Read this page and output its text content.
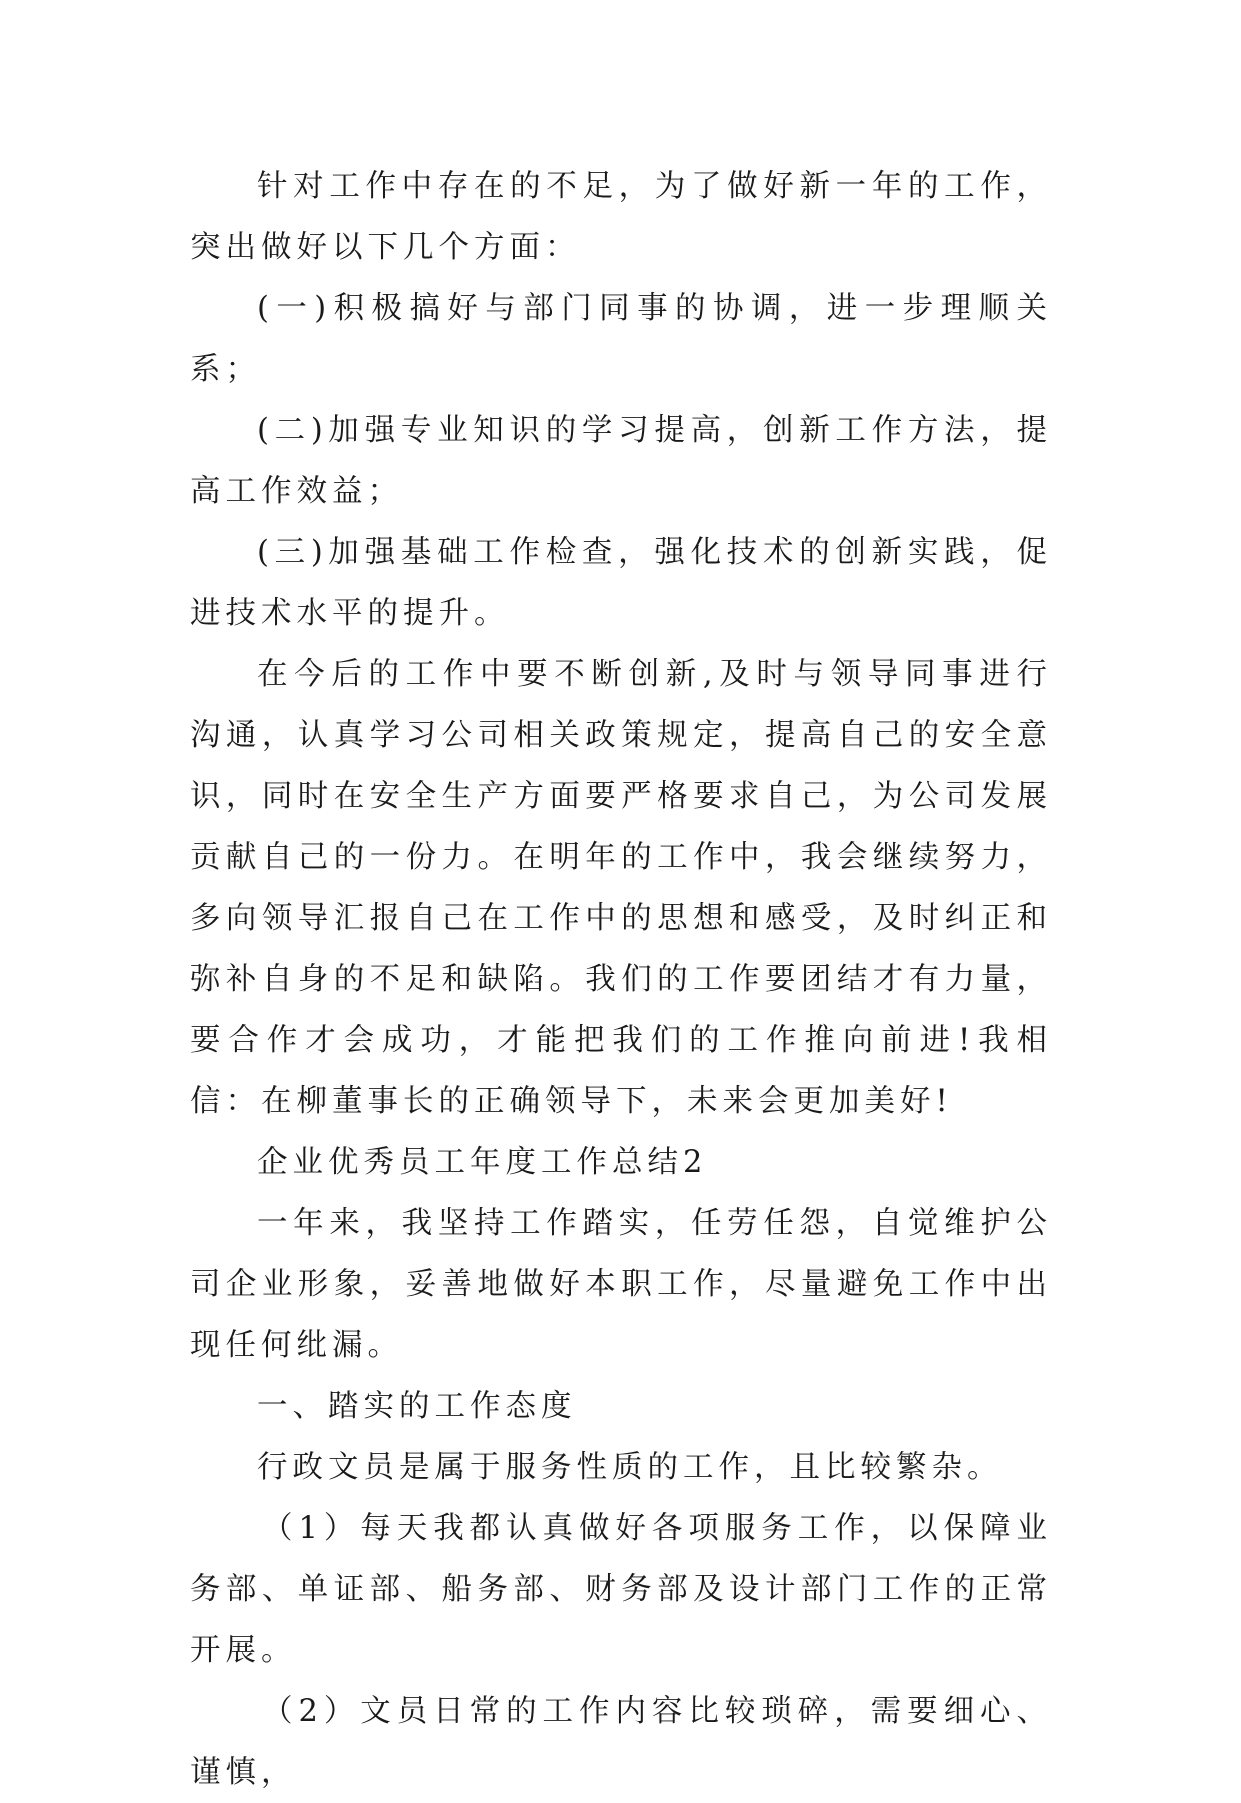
针对工作中存在的不足，为了做好新一年的工作，突出做好以下几个方面：

(一)积极搞好与部门同事的协调，进一步理顺关系；

(二)加强专业知识的学习提高，创新工作方法，提高工作效益；

(三)加强基础工作检查，强化技术的创新实践，促进技术水平的提升。

在今后的工作中要不断创新,及时与领导同事进行沟通，认真学习公司相关政策规定，提高自己的安全意识，同时在安全生产方面要严格要求自己，为公司发展贡献自己的一份力。在明年的工作中，我会继续努力，多向领导汇报自己在工作中的思想和感受，及时纠正和弥补自身的不足和缺陷。我们的工作要团结才有力量，要合作才会成功，才能把我们的工作推向前进!我相信：在柳董事长的正确领导下，未来会更加美好!

企业优秀员工年度工作总结2

一年来，我坚持工作踏实，任劳任怨，自觉维护公司企业形象，妥善地做好本职工作，尽量避免工作中出现任何纰漏。

一、踏实的工作态度

行政文员是属于服务性质的工作，且比较繁杂。

（1）每天我都认真做好各项服务工作，以保障业务部、单证部、船务部、财务部及设计部门工作的正常开展。

（2）文员日常的工作内容比较琐碎，需要细心、谨慎，
